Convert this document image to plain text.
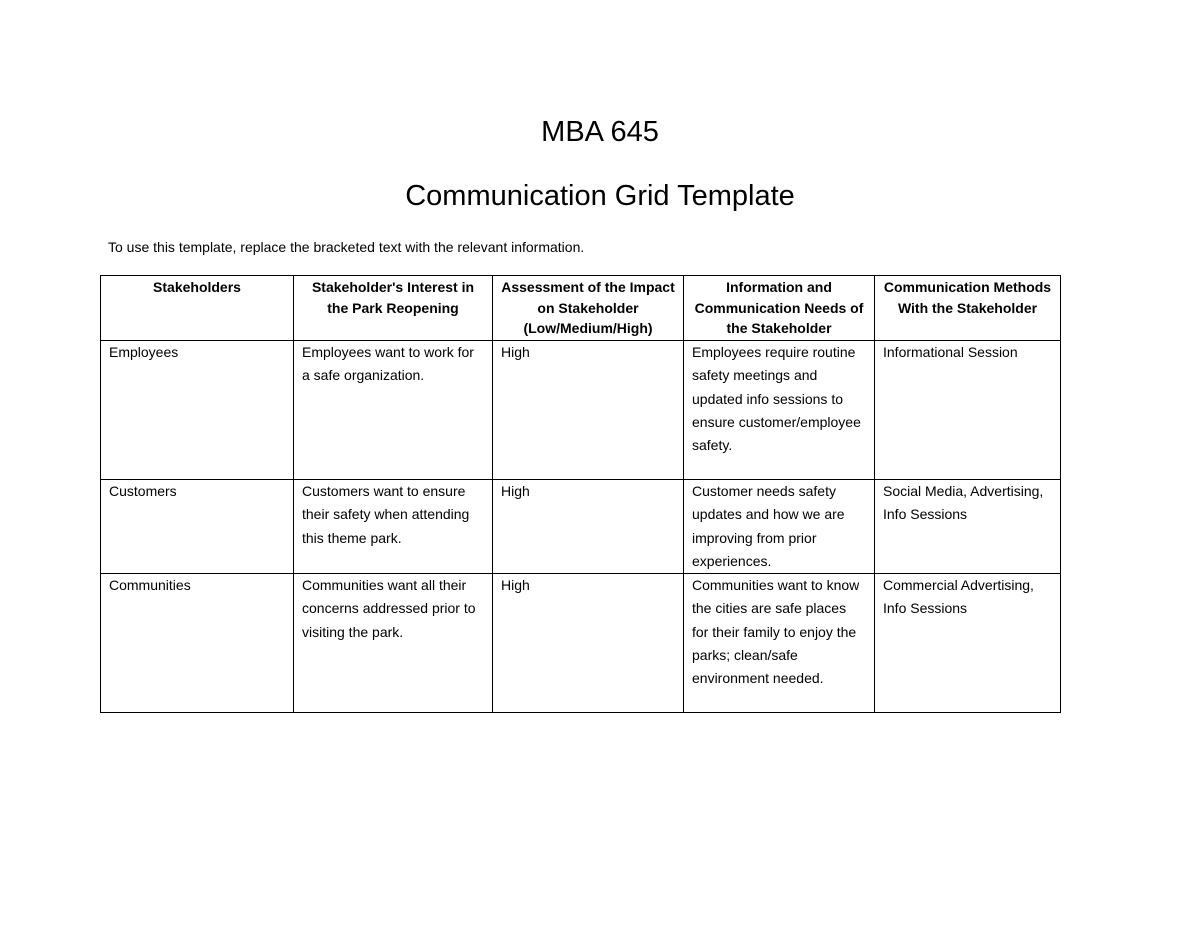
MBA 645
Communication Grid Template
To use this template, replace the bracketed text with the relevant information.
Stakeholders	Stakeholder's Interest in the Park Reopening	Assessment of the Impact on Stakeholder (Low/Medium/High)	Information and Communication Needs of the Stakeholder	Communication Methods With the Stakeholder
Employees	Employees want to work for a safe organization.	High	Employees require routine safety meetings and updated info sessions to ensure customer/employee safety.	Informational Session
Customers	Customers want to ensure their safety when attending this theme park.	High	Customer needs safety updates and how we are improving from prior experiences.	Social Media, Advertising, Info Sessions
Communities	Communities want all their concerns addressed prior to visiting the park.	High	Communities want to know the cities are safe places for their family to enjoy the parks; clean/safe environment needed.	Commercial Advertising, Info Sessions
